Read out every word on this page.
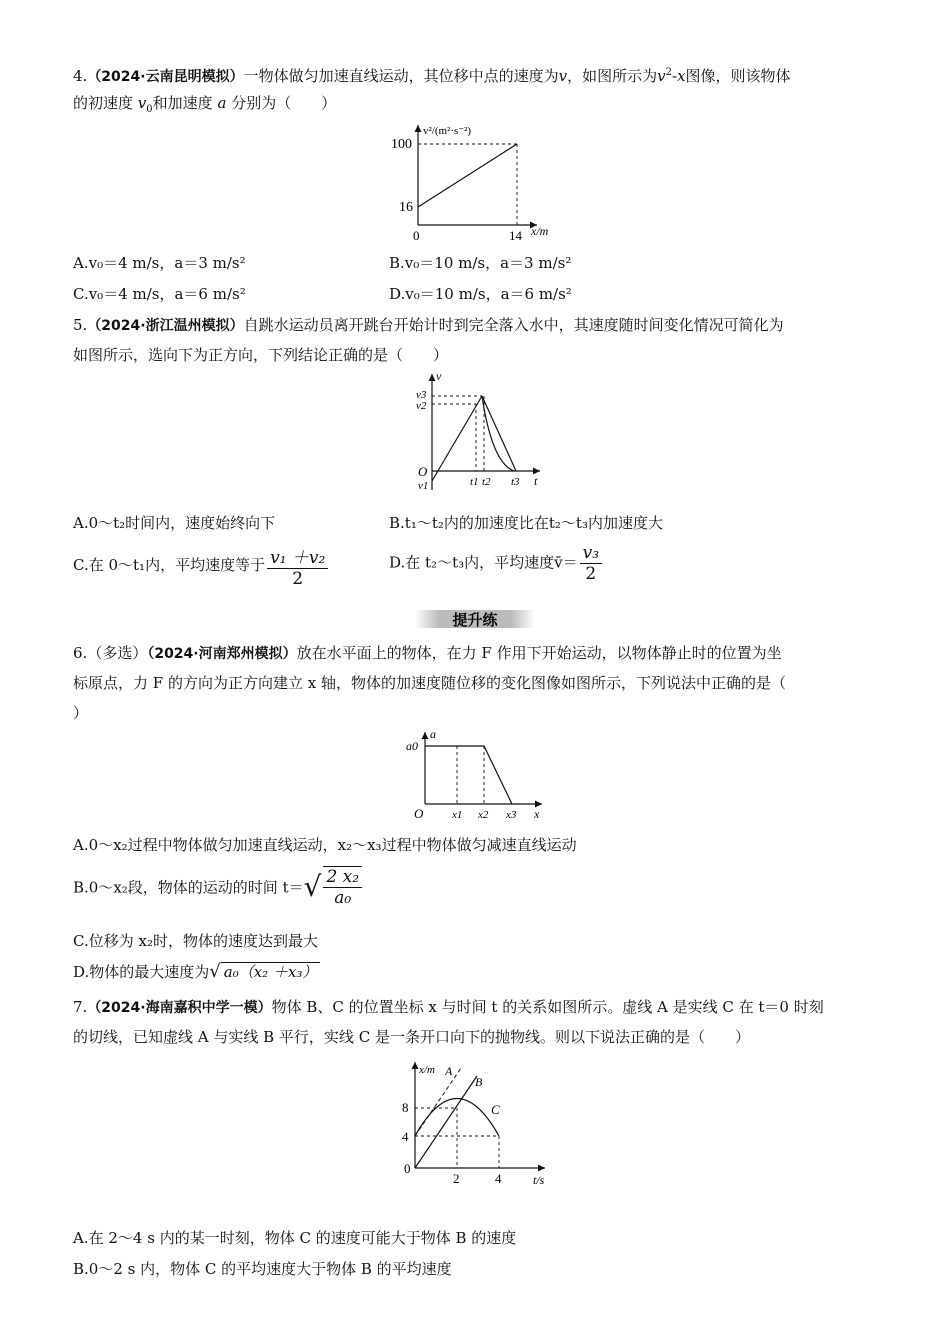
4.（2024·云南昆明模拟）一物体做匀加速直线运动，其位移中点的速度为v，如图所示为$v^2-x$图像，则该物体
的初速度 $v_0$和加速度 a 分别为（　　）
v²/(m²·s⁻²)
100
16
0	14 x/m
A.v₀＝4 m/s，a＝3 m/s²	B.v₀＝10 m/s，a＝3 m/s²
C.v₀＝4 m/s，a＝6 m/s²	D.v₀＝10 m/s，a＝6 m/s²
5.（2024·浙江温州模拟）自跳水运动员离开跳台开始计时到完全落入水中，其速度随时间变化情况可简化为
如图所示，选向下为正方向，下列结论正确的是（　　）
v
v3
v2
O
v1	t1 t2 t3 t
A.0～t₂时间内，速度始终向下	B.t₁～t₂内的加速度比在t₂～t₃内加速度大
C.在 0～t₁内，平均速度等于 $\frac{\text{v₁ ＋v₂}}{2}$	D.在 t₂～t₃内，平均速度v̄＝ $\frac{\text{v₃}}{2}$
提升练
6.（多选）（2024·河南郑州模拟）放在水平面上的物体，在力 F 作用下开始运动，以物体静止时的位置为坐
标原点，力 F 的方向为正方向建立 x 轴，物体的加速度随位移的变化图像如图所示，下列说法中正确的是（
）
a
a0
O	x1 x2 x3 x
A.0～x₂过程中物体做匀加速直线运动，x₂～x₃过程中物体做匀减速直线运动
B.0～x₂段，物体的运动的时间 $t=√ \frac{\text{2 x₂}}{\text{a₀}}$
C.位移为 x₂时，物体的速度达到最大
D.物体的最大速度为√ a₀（x₂ ＋x₃）
7.（2024·海南嘉积中学一模）物体 B、C 的位置坐标 x 与时间 t 的关系如图所示。虚线 A 是实线 C 在 t＝0 时刻
的切线，已知虚线 A 与实线 B 平行，实线 C 是一条开口向下的抛物线。则以下说法正确的是（　　）
x/m A
B
C
8
4
0
2	4	t/s
A.在 2～4 s 内的某一时刻，物体 C 的速度可能大于物体 B 的速度
B.0～2 s 内，物体 C 的平均速度大于物体 B 的平均速度
